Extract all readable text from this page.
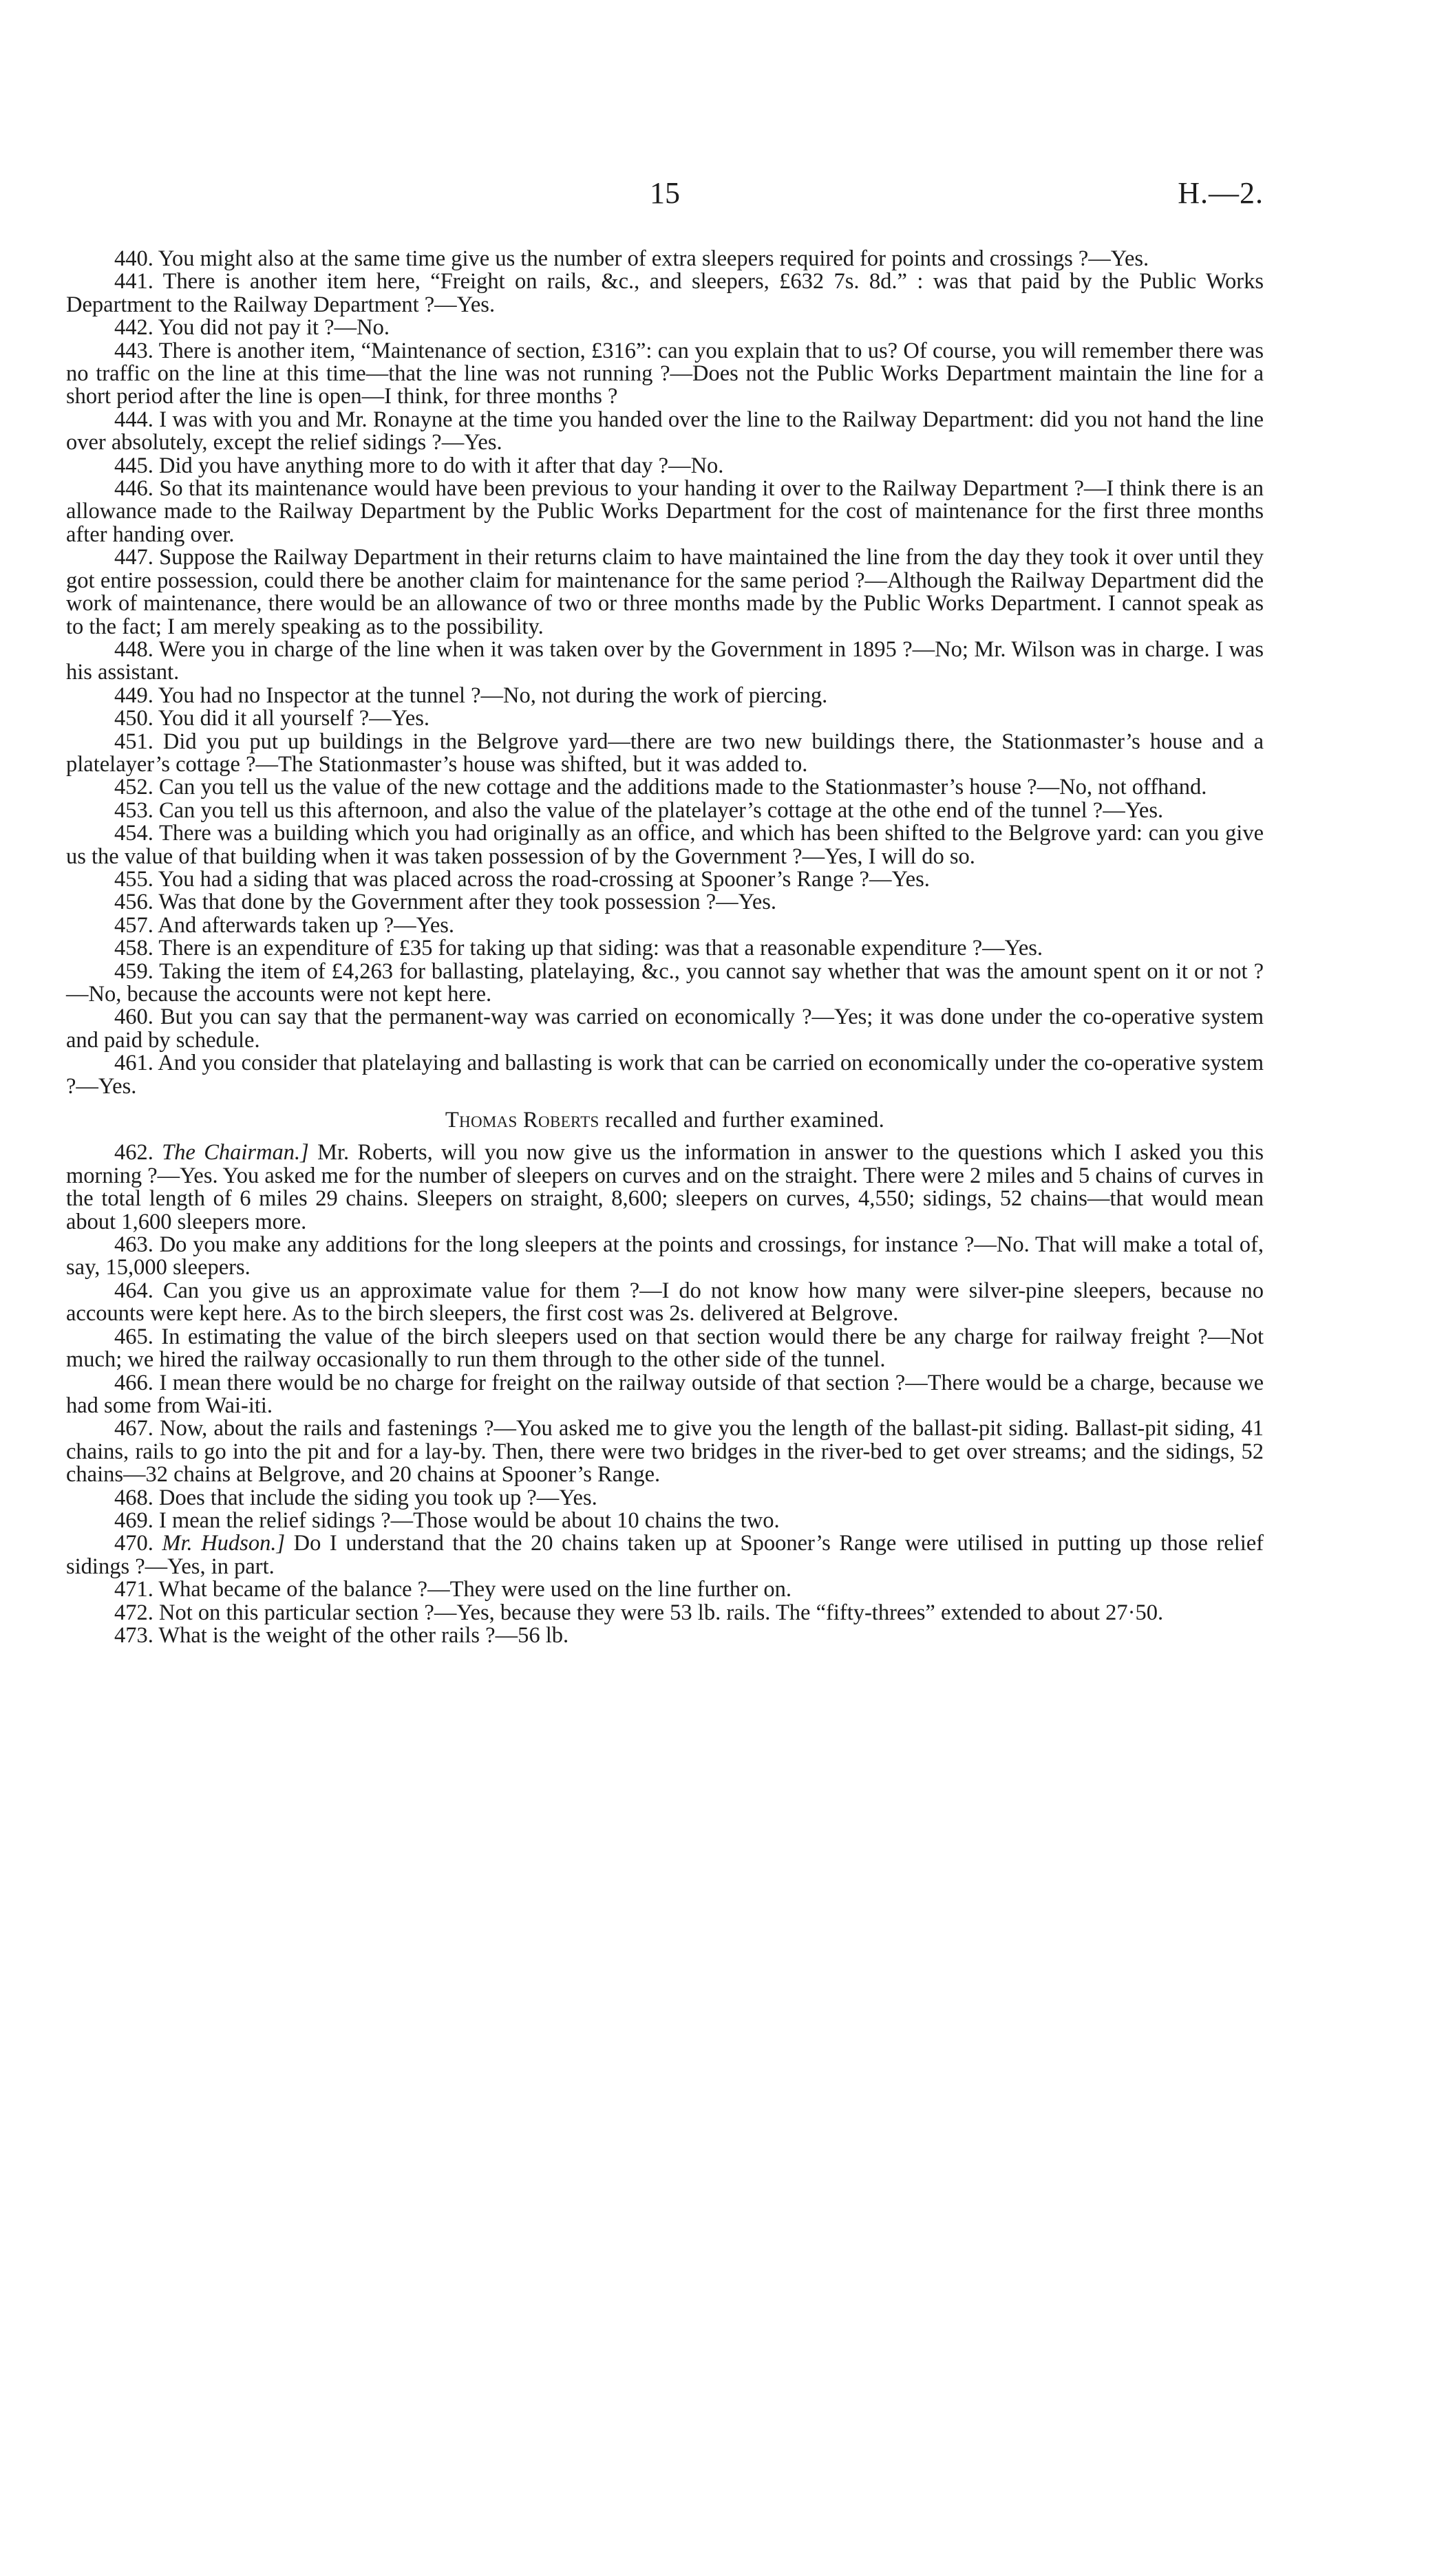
15	H.—2.

440. You might also at the same time give us the number of extra sleepers required for points and crossings ?—Yes.

441. There is another item here, “Freight on rails, &c., and sleepers, £632 7s. 8d.” : was that paid by the Public Works Department to the Railway Department ?—Yes.

442. You did not pay it ?—No.

443. There is another item, “Maintenance of section, £316”: can you explain that to us? Of course, you will remember there was no traffic on the line at this time—that the line was not running ?—Does not the Public Works Department maintain the line for a short period after the line is open—I think, for three months ?

444. I was with you and Mr. Ronayne at the time you handed over the line to the Railway Department: did you not hand the line over absolutely, except the relief sidings ?—Yes.

445. Did you have anything more to do with it after that day ?—No.

446. So that its maintenance would have been previous to your handing it over to the Railway Department ?—I think there is an allowance made to the Railway Department by the Public Works Department for the cost of maintenance for the first three months after handing over.

447. Suppose the Railway Department in their returns claim to have maintained the line from the day they took it over until they got entire possession, could there be another claim for maintenance for the same period ?—Although the Railway Department did the work of maintenance, there would be an allowance of two or three months made by the Public Works Department. I cannot speak as to the fact; I am merely speaking as to the possibility.

448. Were you in charge of the line when it was taken over by the Government in 1895 ?—No; Mr. Wilson was in charge. I was his assistant.

449. You had no Inspector at the tunnel ?—No, not during the work of piercing.

450. You did it all yourself ?—Yes.

451. Did you put up buildings in the Belgrove yard—there are two new buildings there, the Stationmaster’s house and a platelayer’s cottage ?—The Stationmaster’s house was shifted, but it was added to.

452. Can you tell us the value of the new cottage and the additions made to the Stationmaster’s house ?—No, not offhand.

453. Can you tell us this afternoon, and also the value of the platelayer’s cottage at the othe end of the tunnel ?—Yes.

454. There was a building which you had originally as an office, and which has been shifted to the Belgrove yard: can you give us the value of that building when it was taken possession of by the Government ?—Yes, I will do so.

455. You had a siding that was placed across the road-crossing at Spooner’s Range ?—Yes.

456. Was that done by the Government after they took possession ?—Yes.

457. And afterwards taken up ?—Yes.

458. There is an expenditure of £35 for taking up that siding: was that a reasonable expenditure ?—Yes.

459. Taking the item of £4,263 for ballasting, platelaying, &c., you cannot say whether that was the amount spent on it or not ?—No, because the accounts were not kept here.

460. But you can say that the permanent-way was carried on economically ?—Yes; it was done under the co-operative system and paid by schedule.

461. And you consider that platelaying and ballasting is work that can be carried on economically under the co-operative system ?—Yes.

Thomas Roberts recalled and further examined.

462. The Chairman.] Mr. Roberts, will you now give us the information in answer to the questions which I asked you this morning ?—Yes. You asked me for the number of sleepers on curves and on the straight. There were 2 miles and 5 chains of curves in the total length of 6 miles 29 chains. Sleepers on straight, 8,600; sleepers on curves, 4,550; sidings, 52 chains—that would mean about 1,600 sleepers more.

463. Do you make any additions for the long sleepers at the points and crossings, for instance ?—No. That will make a total of, say, 15,000 sleepers.

464. Can you give us an approximate value for them ?—I do not know how many were silver-pine sleepers, because no accounts were kept here. As to the birch sleepers, the first cost was 2s. delivered at Belgrove.

465. In estimating the value of the birch sleepers used on that section would there be any charge for railway freight ?—Not much; we hired the railway occasionally to run them through to the other side of the tunnel.

466. I mean there would be no charge for freight on the railway outside of that section ?—There would be a charge, because we had some from Wai-iti.

467. Now, about the rails and fastenings ?—You asked me to give you the length of the ballast-pit siding. Ballast-pit siding, 41 chains, rails to go into the pit and for a lay-by. Then, there were two bridges in the river-bed to get over streams; and the sidings, 52 chains—32 chains at Belgrove, and 20 chains at Spooner’s Range.

468. Does that include the siding you took up ?—Yes.

469. I mean the relief sidings ?—Those would be about 10 chains the two.

470. Mr. Hudson.] Do I understand that the 20 chains taken up at Spooner’s Range were utilised in putting up those relief sidings ?—Yes, in part.

471. What became of the balance ?—They were used on the line further on.

472. Not on this particular section ?—Yes, because they were 53 lb. rails. The “fifty-threes” extended to about 27·50.

473. What is the weight of the other rails ?—56 lb.
